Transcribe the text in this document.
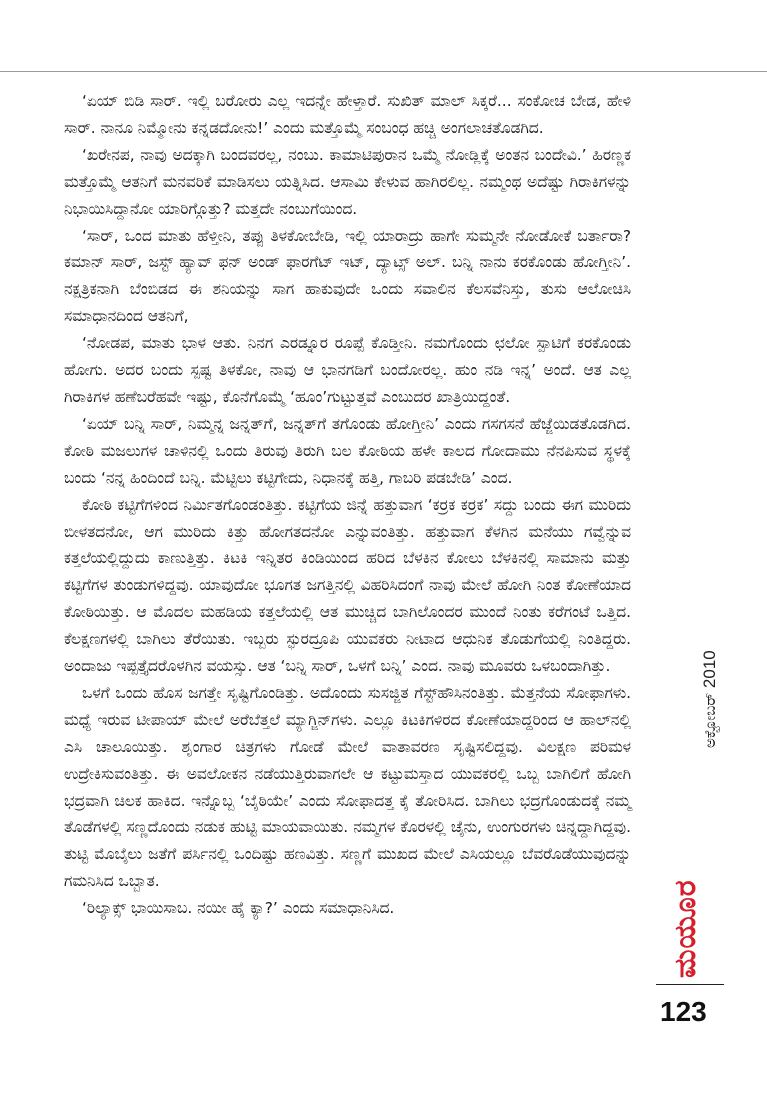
‘ಏಯ್ ಬಿಡಿ ಸಾರ್. ಇಲ್ಲಿ ಬರೋರು ಎಲ್ಲ ಇದನ್ನೇ ಹೇಳ್ತಾರೆ. ಸುಖಿತ್ ಮಾಲ್ ಸಿಕ್ಕರೆ... ಸಂಕೋಚ ಬೇಡ, ಹೇಳಿ ಸಾರ್. ನಾನೂ ನಿಮ್ಮೋನು ಕನ್ನಡದೋನು!’ ಎಂದು ಮತ್ತೊಮ್ಮೆ ಸಂಬಂಧ ಹಚ್ಚಿ ಅಂಗಲಾಚತೊಡಗಿದ.

‘ಖರೇನಪ, ನಾವು ಅದಕ್ಕಾಗಿ ಬಂದವರಲ್ಲ, ನಂಬು. ಕಾಮಾಟಿಪುರಾನ ಒಮ್ಮೆ ನೋಡ್ಲಿಕ್ಕೆ ಅಂತನ ಬಂದೇವಿ.’ ಹಿರಣ್ಣಕ ಮತ್ತೊಮ್ಮೆ ಆತನಿಗೆ ಮನವರಿಕೆ ಮಾಡಿಸಲು ಯತ್ನಿಸಿದ. ಆಸಾಮಿ ಕೇಳುವ ಹಾಗಿರಲಿಲ್ಲ. ನಮ್ಮಂಥ ಅದೆಷ್ಟು ಗಿರಾಕಿಗಳನ್ನು ನಿಭಾಯಿಸಿದ್ದಾನೋ ಯಾರಿಗ್ಗೊತ್ತು? ಮತ್ತದೇ ನಂಬುಗೆಯಿಂದ.

‘ಸಾರ್, ಒಂದ ಮಾತು ಹೆಳ್ತೀನಿ, ತಪ್ಪು ತಿಳಕೋಬೇಡಿ, ಇಲ್ಲಿ ಯಾರಾದ್ರು ಹಾಗೇ ಸುಮ್ಮನೇ ನೋಡೋಕೆ ಬರ್ತಾರಾ? ಕಮಾನ್ ಸಾರ್, ಜಸ್ಟ್ ಹ್ಯಾವ್ ಫನ್ ಅಂಡ್ ಫಾರಗೆಟ್ ಇಟ್, ದ್ಯಾಟ್ಸ್ ಅಲ್. ಬನ್ನಿ ನಾನು ಕರಕೊಂಡು ಹೋಗ್ತೀನಿ’. ನಕ್ಷತ್ರಿಕನಾಗಿ ಬೆಂಬಿಡದ ಈ ಶನಿಯನ್ನು ಸಾಗ ಹಾಕುವುದೇ ಒಂದು ಸವಾಲಿನ ಕೆಲಸವೆನಿಸ್ತು, ತುಸು ಆಲೋಚಿಸಿ ಸಮಾಧಾನದಿಂದ ಆತನಿಗೆ,

‘ನೋಡಪ, ಮಾತು ಭಾಳ ಆತು. ನಿನಗ ಎರಡ್ನೂರ ರೂಪ್ಪೆ ಕೊಡ್ತೀನಿ. ನಮಗೊಂದು ಛಲೋ ಸ್ಪಾಟಿಗೆ ಕರಕೊಂಡು ಹೋಗು. ಅದರ ಬಂದು ಸ್ಪಷ್ಟ ತಿಳಕೋ, ನಾವು ಆ ಭಾನಗಡಿಗೆ ಬಂದೋರಲ್ಲ. ಹುಂ ನಡಿ ಇನ್ನ’ ಅಂದೆ. ಆತ ಎಲ್ಲ ಗಿರಾಕಿಗಳ ಹಣೆಬರೆಹವೇ ಇಷ್ಟು, ಕೊನೆಗೊಮ್ಮೆ ‘ಹೂಂ’ಗುಟ್ಟುತ್ತವೆ ಎಂಬುದರ ಖಾತ್ರಿಯಿದ್ದಂತೆ.

‘ಏಯ್ ಬನ್ನಿ ಸಾರ್, ನಿಮ್ಮನ್ನ ಜನ್ನತ್‌ಗೆ, ಜನ್ನತ್‌ಗೆ ತಗೊಂಡು ಹೋಗ್ತೀನಿ’ ಎಂದು ಗಸಗಸನೆ ಹೆಜ್ಜೆಯಿಡತೊಡಗಿದ. ಕೋಠಿ ಮಜಲುಗಳ ಚಾಳಿನಲ್ಲಿ ಒಂದು ತಿರುವು ತಿರುಗಿ ಬಲ ಕೋಠಿಯ ಹಳೇ ಕಾಲದ ಗೋದಾಮು ನೆನಪಿಸುವ ಸ್ಥಳಕ್ಕೆ ಬಂದು ‘ನನ್ನ ಹಿಂದಿಂದೆ ಬನ್ನಿ. ಮೆಟ್ಟಿಲು ಕಟ್ಟಿಗೇದು, ನಿಧಾನಕ್ಕೆ ಹತ್ತಿ, ಗಾಬರಿ ಪಡಬೇಡಿ’ ಎಂದ.

ಕೋಠಿ ಕಟ್ಟಿಗೆಗಳಿಂದ ನಿರ್ಮಿತಗೊಂಡಂತಿತ್ತು. ಕಟ್ಟಿಗೆಯ ಜಿನ್ನೆ ಹತ್ತುವಾಗ ‘ಕರ್ರಕ ಕರ್ರಕ’ ಸದ್ದು ಬಂದು ಈಗ ಮುರಿದು ಬೀಳತದನೋ, ಆಗ ಮುರಿದು ಕಿತ್ತು ಹೋಗತದನೋ ಎನ್ನುವಂತಿತ್ತು. ಹತ್ತುವಾಗ ಕೆಳಗಿನ ಮನೆಯು ಗವ್ವೆನ್ನುವ ಕತ್ತಲೆಯಲ್ಲಿದ್ದುದು ಕಾಣುತ್ತಿತ್ತು. ಕಿಟಕಿ ಇನ್ನಿತರ ಕಿಂಡಿಯಿಂದ ಹರಿದ ಬೆಳಕಿನ ಕೋಲು ಬೆಳಕಿನಲ್ಲಿ ಸಾಮಾನು ಮತ್ತು ಕಟ್ಟಿಗೆಗಳ ತುಂಡುಗಳಿದ್ದವು. ಯಾವುದೋ ಭೂಗತ ಜಗತ್ತಿನಲ್ಲಿ ವಿಹರಿಸಿದಂಗೆ ನಾವು ಮೇಲೆ ಹೋಗಿ ನಿಂತ ಕೋಣೆಯಾದ ಕೋಠಿಯಿತ್ತು. ಆ ಮೊದಲ ಮಹಡಿಯ ಕತ್ತಲೆಯಲ್ಲಿ ಆತ ಮುಚ್ಚಿದ ಬಾಗಿಲೊಂದರ ಮುಂದೆ ನಿಂತು ಕರೆಗಂಟೆ ಒತ್ತಿದ. ಕೆಲಕ್ಷಣಗಳಲ್ಲಿ ಬಾಗಿಲು ತೆರೆಯಿತು. ಇಬ್ಬರು ಸ್ಫುರದ್ರೂಪಿ ಯುವಕರು ನೀಟಾದ ಆಧುನಿಕ ತೊಡುಗೆಯಲ್ಲಿ ನಿಂತಿದ್ದರು. ಅಂದಾಜು ಇಪ್ಪತ್ತೈದರೊಳಗಿನ ವಯಸ್ಸು. ಆತ ‘ಬನ್ನಿ ಸಾರ್, ಒಳಗೆ ಬನ್ನಿ’ ಎಂದ. ನಾವು ಮೂವರು ಒಳಬಂದಾಗಿತ್ತು.

ಒಳಗೆ ಒಂದು ಹೊಸ ಜಗತ್ತೇ ಸೃಷ್ಟಿಗೊಂಡಿತ್ತು. ಅದೊಂದು ಸುಸಜ್ಜಿತ ಗೆಸ್ಟ್‌ಹೌಸಿನಂತಿತ್ತು. ಮೆತ್ತನೆಯ ಸೋಫಾಗಳು. ಮಧ್ಯೆ ಇರುವ ಟೀಪಾಯ್ ಮೇಲೆ ಅರೆಬೆತ್ತಲೆ ಮ್ಯಾಗ್ಜಿನ್‌ಗಳು. ಎಲ್ಲೂ ಕಿಟಕಿಗಳಿರದ ಕೋಣೆಯಾದ್ದರಿಂದ ಆ ಹಾಲ್‌ನಲ್ಲಿ ಎಸಿ ಚಾಲೂಯಿತ್ತು. ಶೃಂಗಾರ ಚಿತ್ರಗಳು ಗೋಡೆ ಮೇಲೆ ವಾತಾವರಣ ಸೃಷ್ಟಿಸಲಿದ್ದವು. ವಿಲಕ್ಷಣ ಪರಿಮಳ ಉದ್ರೇಕಿಸುವಂತಿತ್ತು. ಈ ಅವಲೋಕನ ನಡೆಯುತ್ತಿರುವಾಗಲೇ ಆ ಕಟ್ಟುಮಸ್ತಾದ ಯುವಕರಲ್ಲಿ ಒಬ್ಬ ಬಾಗಿಲಿಗೆ ಹೋಗಿ ಭದ್ರವಾಗಿ ಚಿಲಕ ಹಾಕಿದ. ಇನ್ನೊಬ್ಬ ‘ಬೈಠಿಯೇ’ ಎಂದು ಸೋಫಾದತ್ತ ಕೈ ತೋರಿಸಿದ. ಬಾಗಿಲು ಭದ್ರಗೊಂಡುದಕ್ಕೆ ನಮ್ಮ ತೊಡೆಗಳಲ್ಲಿ ಸಣ್ಣದೊಂದು ನಡುಕ ಹುಟ್ಟಿ ಮಾಯವಾಯಿತು. ನಮ್ಮಗಳ ಕೊರಳಲ್ಲಿ ಚೈನು, ಉಂಗುರಗಳು ಚಿನ್ನದ್ದಾಗಿದ್ದವು. ತುಟ್ಟಿ ಮೊಬೈಲು ಜತೆಗೆ ಪರ್ಸಿನಲ್ಲಿ ಒಂದಿಷ್ಟು ಹಣವಿತ್ತು. ಸಣ್ಣಗೆ ಮುಖದ ಮೇಲೆ ಎಸಿಯಲ್ಲೂ ಬೆವರೊಡೆಯುವುದನ್ನು ಗಮನಿಸಿದ ಒಬ್ಬಾತ.

‘ರಿಲ್ಯಾಕ್ಸ್ ಭಾಯಿಸಾಬ. ನಯೀ ಹೈ ಕ್ಯಾ?’ ಎಂದು ಸಮಾಧಾನಿಸಿದ.

ಅಕ್ಟೋಬರ್ 2010
ಮಯೂರ
123
